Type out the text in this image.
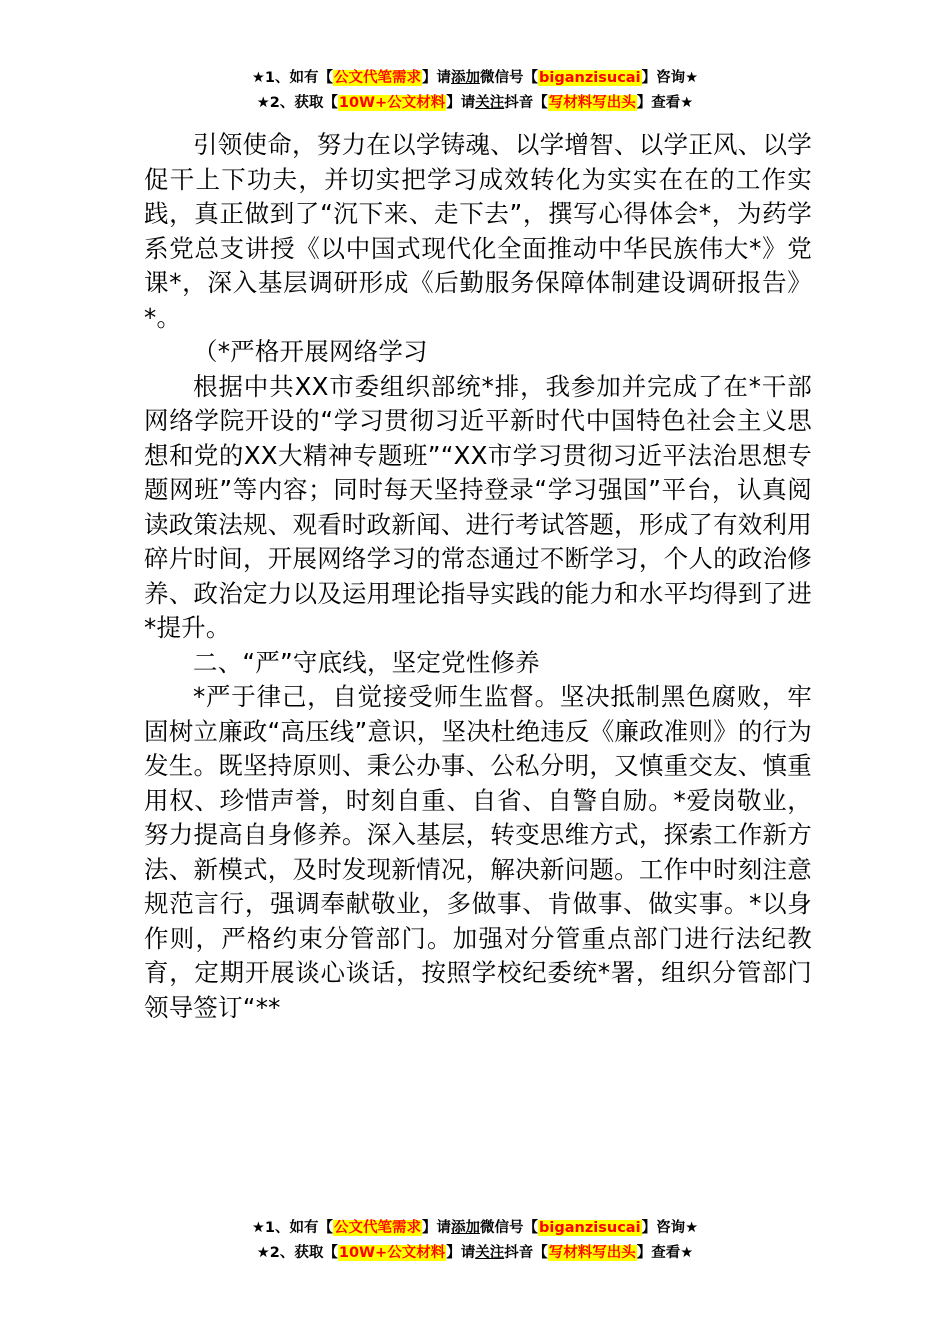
★1、如有【公文代笔需求】请添加微信号【biganzisucai】咨询★
★2、获取【10W+公文材料】请关注抖音【写材料写出头】查看★

引领使命，努力在以学铸魂、以学增智、以学正风、以学促干上下功夫，并切实把学习成效转化为实实在在的工作实践，真正做到了“沉下来、走下去”，撰写心得体会*，为药学系党总支讲授《以中国式现代化全面推动中华民族伟大*》党课*，深入基层调研形成《后勤服务保障体制建设调研报告》*。

（*严格开展网络学习

根据中共XX市委组织部统*排，我参加并完成了在*干部网络学院开设的“学习贯彻习近平新时代中国特色社会主义思想和党的XX大精神专题班”“XX市学习贯彻习近平法治思想专题网班”等内容；同时每天坚持登录“学习强国”平台，认真阅读政策法规、观看时政新闻、进行考试答题，形成了有效利用碎片时间，开展网络学习的常态通过不断学习，个人的政治修养、政治定力以及运用理论指导实践的能力和水平均得到了进*提升。

二、“严”守底线，坚定党性修养

*严于律己，自觉接受师生监督。坚决抵制黑色腐败，牢固树立廉政“高压线”意识，坚决杜绝违反《廉政准则》的行为发生。既坚持原则、秉公办事、公私分明，又慎重交友、慎重用权、珍惜声誉，时刻自重、自省、自警自励。*爱岗敬业，努力提高自身修养。深入基层，转变思维方式，探索工作新方法、新模式，及时发现新情况，解决新问题。工作中时刻注意规范言行，强调奉献敬业，多做事、肯做事、做实事。*以身作则，严格约束分管部门。加强对分管重点部门进行法纪教育，定期开展谈心谈话，按照学校纪委统*署，组织分管部门领导签订“**

★1、如有【公文代笔需求】请添加微信号【biganzisucai】咨询★
★2、获取【10W+公文材料】请关注抖音【写材料写出头】查看★
